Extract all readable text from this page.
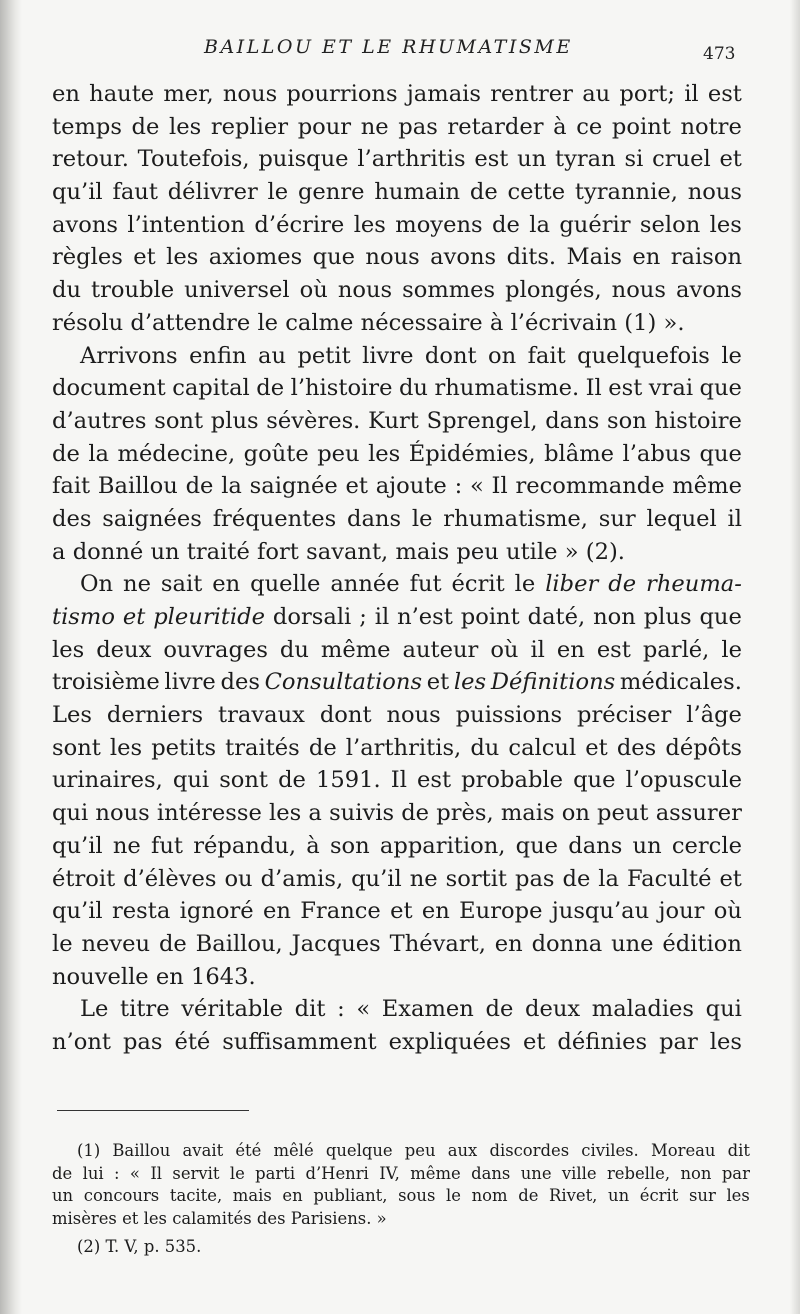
BAILLOU ET LE RHUMATISME	473
en haute mer, nous pourrions jamais rentrer au port; il est
temps de les replier pour ne pas retarder à ce point notre
retour. Toutefois, puisque l’arthritis est un tyran si cruel et
qu’il faut délivrer le genre humain de cette tyrannie, nous
avons l’intention d’écrire les moyens de la guérir selon les
règles et les axiomes que nous avons dits. Mais en raison
du trouble universel où nous sommes plongés, nous avons
résolu d’attendre le calme nécessaire à l’écrivain (1) ».
Arrivons enfin au petit livre dont on fait quelquefois le
document capital de l’histoire du rhumatisme. Il est vrai que
d’autres sont plus sévères. Kurt Sprengel, dans son histoire
de la médecine, goûte peu les Épidémies, blâme l’abus que
fait Baillou de la saignée et ajoute : « Il recommande même
des saignées fréquentes dans le rhumatisme, sur lequel il
a donné un traité fort savant, mais peu utile » (2).
On ne sait en quelle année fut écrit le liber de rheuma-
tismo et pleuritide dorsali ; il n’est point daté, non plus que
les deux ouvrages du même auteur où il en est parlé, le
troisième livre des Consultations et les Définitions médicales.
Les derniers travaux dont nous puissions préciser l’âge
sont les petits traités de l’arthritis, du calcul et des dépôts
urinaires, qui sont de 1591. Il est probable que l’opuscule
qui nous intéresse les a suivis de près, mais on peut assurer
qu’il ne fut répandu, à son apparition, que dans un cercle
étroit d’élèves ou d’amis, qu’il ne sortit pas de la Faculté et
qu’il resta ignoré en France et en Europe jusqu’au jour où
le neveu de Baillou, Jacques Thévart, en donna une édition
nouvelle en 1643.
Le titre véritable dit : « Examen de deux maladies qui
n’ont pas été suffisamment expliquées et définies par les
(1) Baillou avait été mêlé quelque peu aux discordes civiles. Moreau dit
de lui : « Il servit le parti d’Henri IV, même dans une ville rebelle, non par
un concours tacite, mais en publiant, sous le nom de Rivet, un écrit sur les
misères et les calamités des Parisiens. »
(2) T. V, p. 535.
